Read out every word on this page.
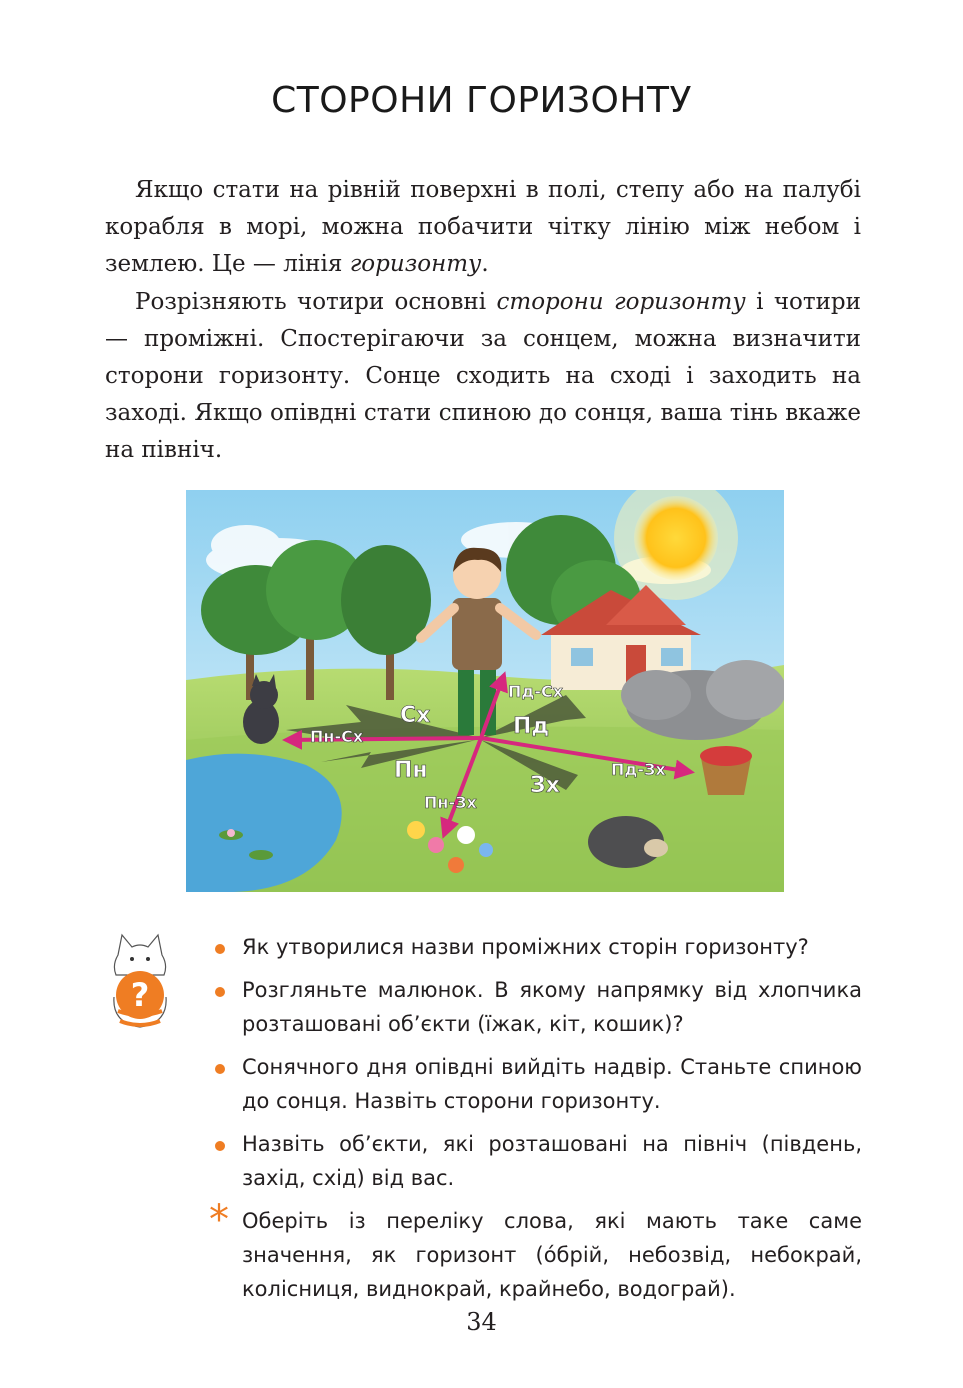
СТОРОНИ ГОРИЗОНТУ

Якщо стати на рівній поверхні в полі, степу або на палубі корабля в морі, можна побачити чітку лінію між небом і землею. Це — лінія горизонту.

Розрізняють чотири основні сторони горизонту і чотири — проміжні. Спостерігаючи за сонцем, можна визначити сторони горизонту. Сонце сходить на сході і заходить на заході. Якщо опівдні стати спиною до сонця, ваша тінь вкаже на північ.

Сх	Пд
Пн
Зх
Пн-Сх
Пд-Сх
Пд-Зх
Пн-Зх
?
Як утворилися назви проміжних сторін горизонту?
Розгляньте малюнок. В якому напрямку від хлопчика розташовані об’єкти (їжак, кіт, кошик)?
Сонячного дня опівдні вийдіть надвір. Станьте спиною до сонця. Назвіть сторони горизонту.
Назвіть об’єкти, які розташовані на північ (південь, захід, схід) від вас.
* Оберіть із переліку слова, які мають таке саме значення, як горизонт (óбрій, небозвід, небокрай, колісниця, виднокрай, крайнебо, водограй).
34
